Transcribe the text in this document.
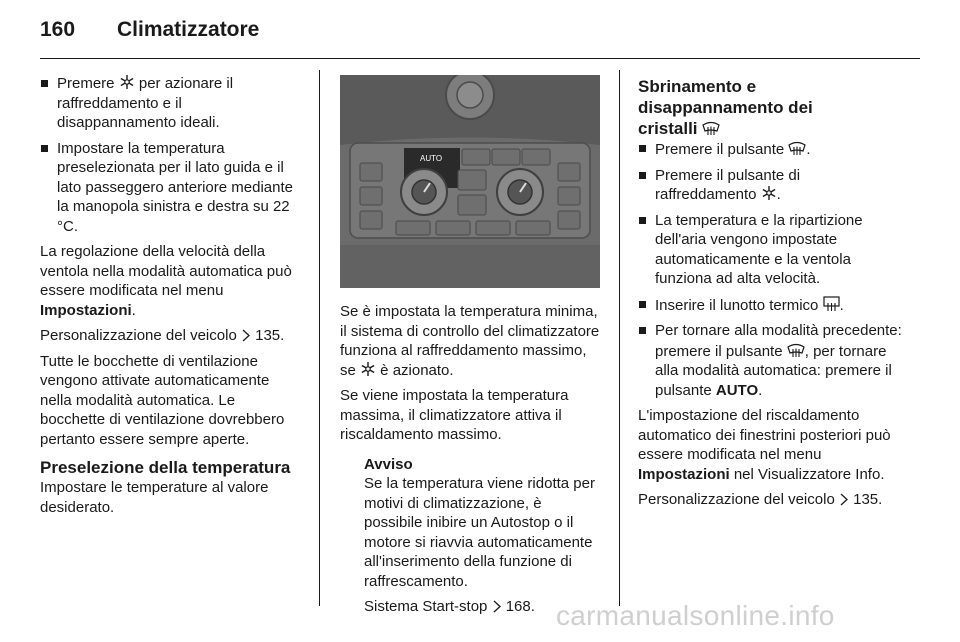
160 Climatizzatore
Premere  per azionare il raffreddamento e il disappannamento ideali.
Impostare la temperatura preselezionata per il lato guida e il lato passeggero anteriore mediante la manopola sinistra e destra su 22 °C.

La regolazione della velocità della ventola nella modalità automatica può essere modificata nel menu Impostazioni.

Personalizzazione del veicolo  135.

Tutte le bocchette di ventilazione vengono attivate automaticamente nella modalità automatica. Le bocchette di ventilazione dovrebbero pertanto essere sempre aperte.

Preselezione della temperatura

Impostare le temperature al valore desiderato.

AUTO

Se è impostata la temperatura minima, il sistema di controllo del climatizzatore funziona al raffreddamento massimo, se  è azionato.

Se viene impostata la temperatura massima, il climatizzatore attiva il riscaldamento massimo.

Avviso

Se la temperatura viene ridotta per motivi di climatizzazione, è possibile inibire un Autostop o il motore si riavvia automaticamente all'inserimento della funzione di raffrescamento.

Sistema Start-stop  168.

Sbrinamento e
disappannamento dei
cristalli
Premere il pulsante .
Premere il pulsante di raffreddamento .
La temperatura e la ripartizione dell'aria vengono impostate automaticamente e la ventola funziona ad alta velocità.
Inserire il lunotto termico .
Per tornare alla modalità precedente: premere il pulsante , per tornare alla modalità automatica: premere il pulsante AUTO.

L'impostazione del riscaldamento automatico dei finestrini posteriori può essere modificata nel menu Impostazioni nel Visualizzatore Info.

Personalizzazione del veicolo  135.

carmanualsonline.info
